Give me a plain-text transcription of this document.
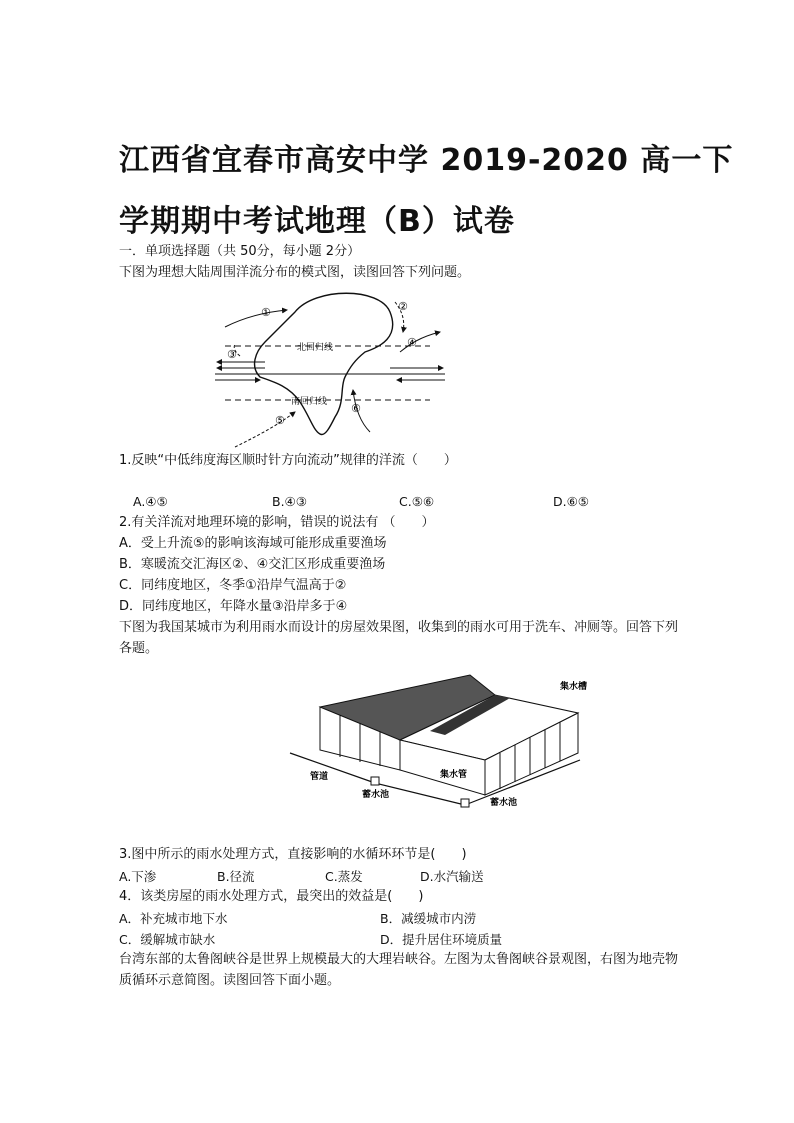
江西省宜春市高安中学 2019-2020 高一下
学期期中考试地理（B）试卷
一．单项选择题（共 50分，每小题 2分）
下图为理想大陆周围洋流分布的模式图，读图回答下列问题。
北回归线
南回归线
①	②
③
④
⑤
⑥
1.反映“中低纬度海区顺时针方向流动”规律的洋流（　　）
A.④⑤	B.④③	C.⑤⑥	D.⑥⑤
2.有关洋流对地理环境的影响，错误的说法有 （　　）
A．受上升流⑤的影响该海域可能形成重要渔场
B．寒暖流交汇海区②、④交汇区形成重要渔场
C．同纬度地区，冬季①沿岸气温高于②
D．同纬度地区，年降水量③沿岸多于④
下图为我国某城市为利用雨水而设计的房屋效果图，收集到的雨水可用于洗车、冲厕等。回答下列各题。
集水槽
集水管
管道
蓄水池
蓄水池
3.图中所示的雨水处理方式，直接影响的水循环环节是(　　)
A.下渗	B.径流	C.蒸发	D.水汽输送
4．该类房屋的雨水处理方式，最突出的效益是(　　)
A．补充城市地下水	B．减缓城市内涝
C．缓解城市缺水	D．提升居住环境质量
台湾东部的太鲁阁峡谷是世界上规模最大的大理岩峡谷。左图为太鲁阁峡谷景观图，右图为地壳物质循环示意简图。读图回答下面小题。
